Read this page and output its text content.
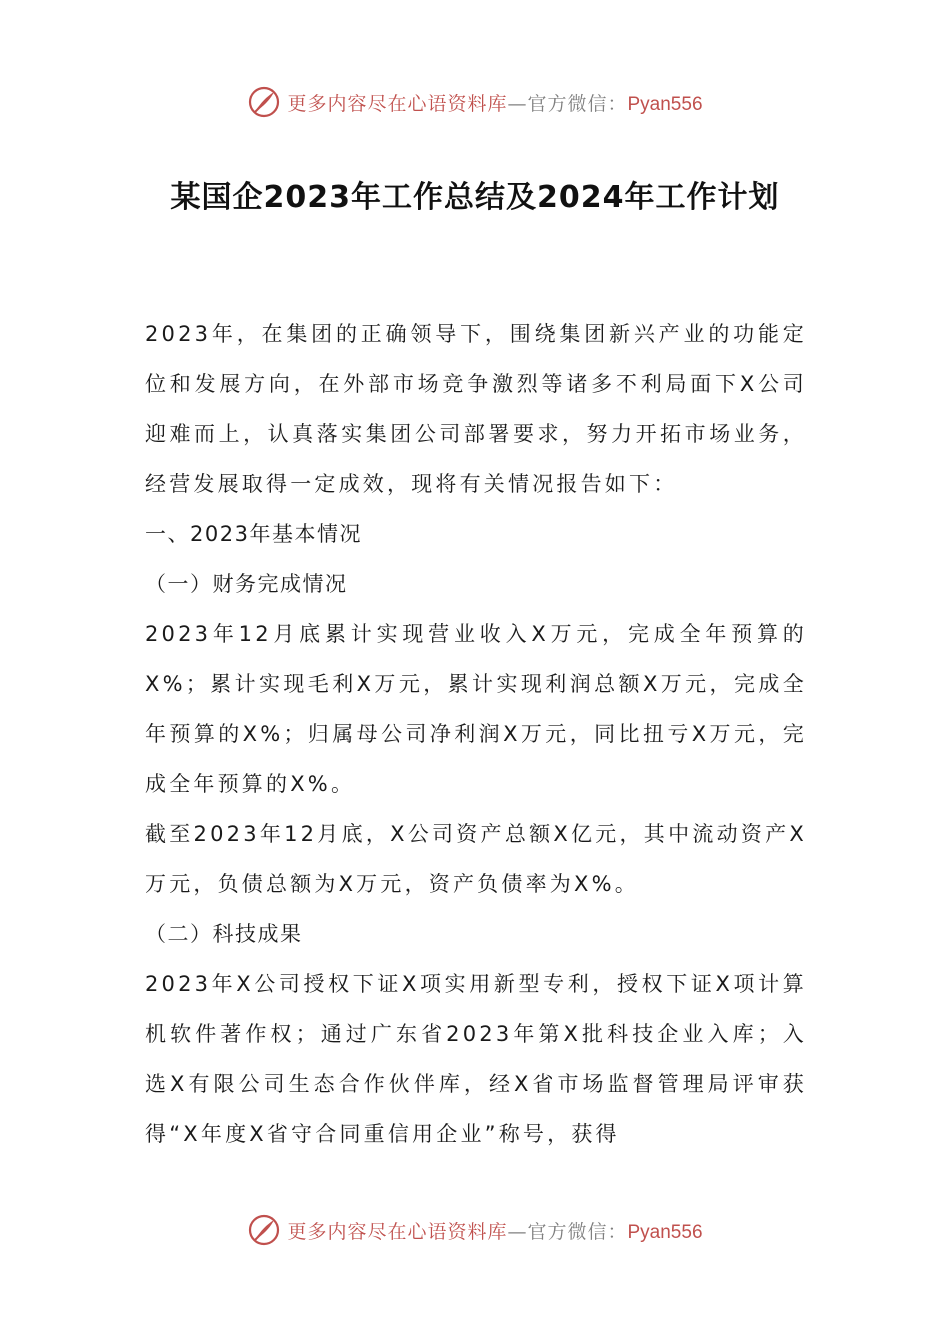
更多内容尽在心语资料库—官方微信：Pyan556
某国企2023年工作总结及2024年工作计划

2023年，在集团的正确领导下，围绕集团新兴产业的功能定位和发展方向，在外部市场竞争激烈等诸多不利局面下X公司迎难而上，认真落实集团公司部署要求，努力开拓市场业务，经营发展取得一定成效，现将有关情况报告如下：

一、2023年基本情况

（一）财务完成情况

2023年12月底累计实现营业收入X万元，完成全年预算的X%；累计实现毛利X万元，累计实现利润总额X万元，完成全年预算的X%；归属母公司净利润X万元，同比扭亏X万元，完成全年预算的X%。

截至2023年12月底，X公司资产总额X亿元，其中流动资产X万元，负债总额为X万元，资产负债率为X%。

（二）科技成果

2023年X公司授权下证X项实用新型专利，授权下证X项计算机软件著作权；通过广东省2023年第X批科技企业入库；入选X有限公司生态合作伙伴库，经X省市场监督管理局评审获得“X年度X省守合同重信用企业”称号，获得

更多内容尽在心语资料库—官方微信：Pyan556
